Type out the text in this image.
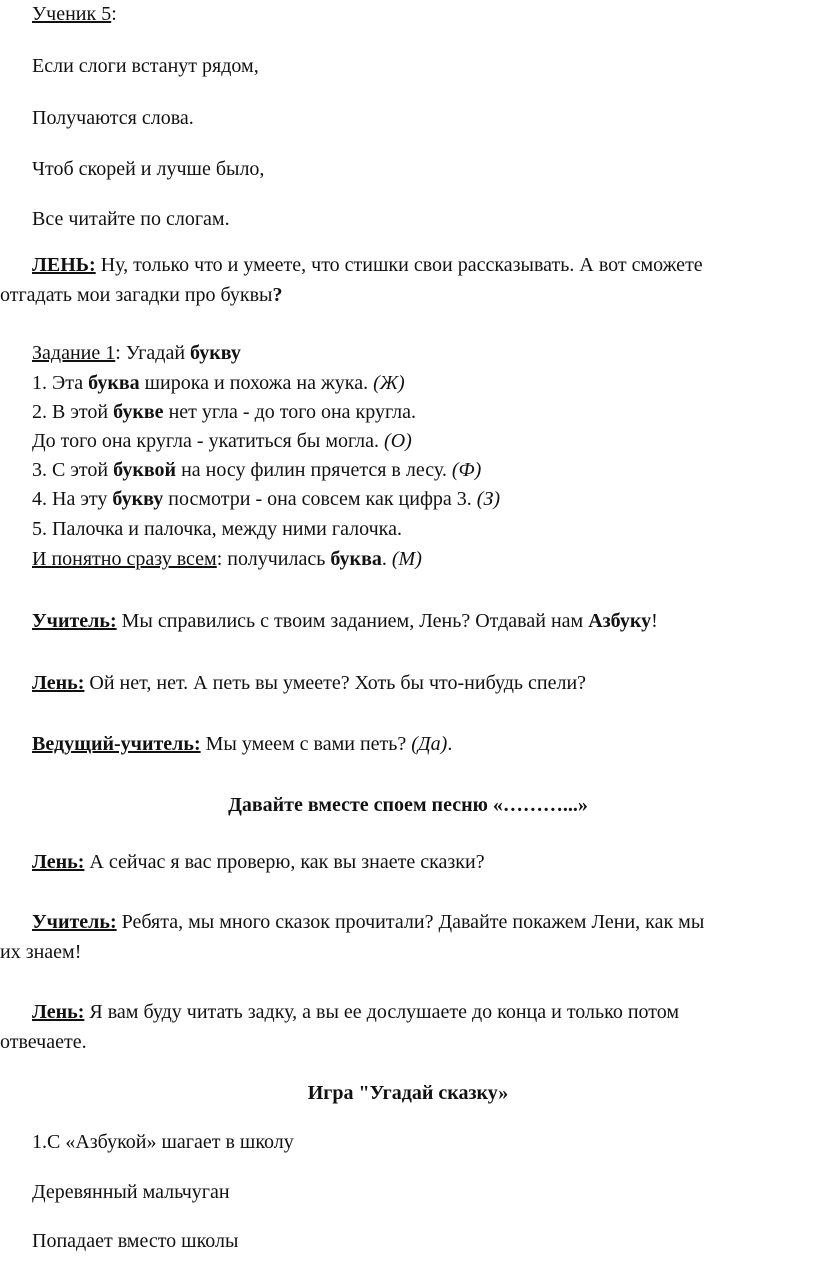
Ученик 5:

Если слоги встанут рядом,

Получаются слова.

Чтоб скорей и лучше было,

Все читайте по слогам.

ЛЕНЬ: Ну, только что и умеете, что стишки свои рассказывать. А вот сможете

отгадать мои загадки про буквы?

Задание 1: Угадай букву

1. Эта буква широка и похожа на жука. (Ж)

2. В этой букве нет угла - до того она кругла.

До того она кругла - укатиться бы могла. (О)

3. С этой буквой на носу филин прячется в лесу. (Ф)

4. На эту букву посмотри - она совсем как цифра 3. (З)

5. Палочка и палочка, между ними галочка.

И понятно сразу всем: получилась буква. (М)

Учитель: Мы справились с твоим заданием, Лень? Отдавай нам Азбуку!

Лень: Ой нет, нет. А петь вы умеете? Хоть бы что-нибудь спели?

Ведущий-учитель: Мы умеем с вами петь? (Да).

Давайте вместе споем песню «………...»

Лень: А сейчас я вас проверю, как вы знаете сказки?

Учитель: Ребята, мы много сказок прочитали? Давайте покажем Лени, как мы

их знаем!

Лень: Я вам буду читать задку, а вы ее дослушаете до конца и только потом

отвечаете.

Игра "Угадай сказку»

1.С «Азбукой» шагает в школу

Деревянный мальчуган

Попадает вместо школы
